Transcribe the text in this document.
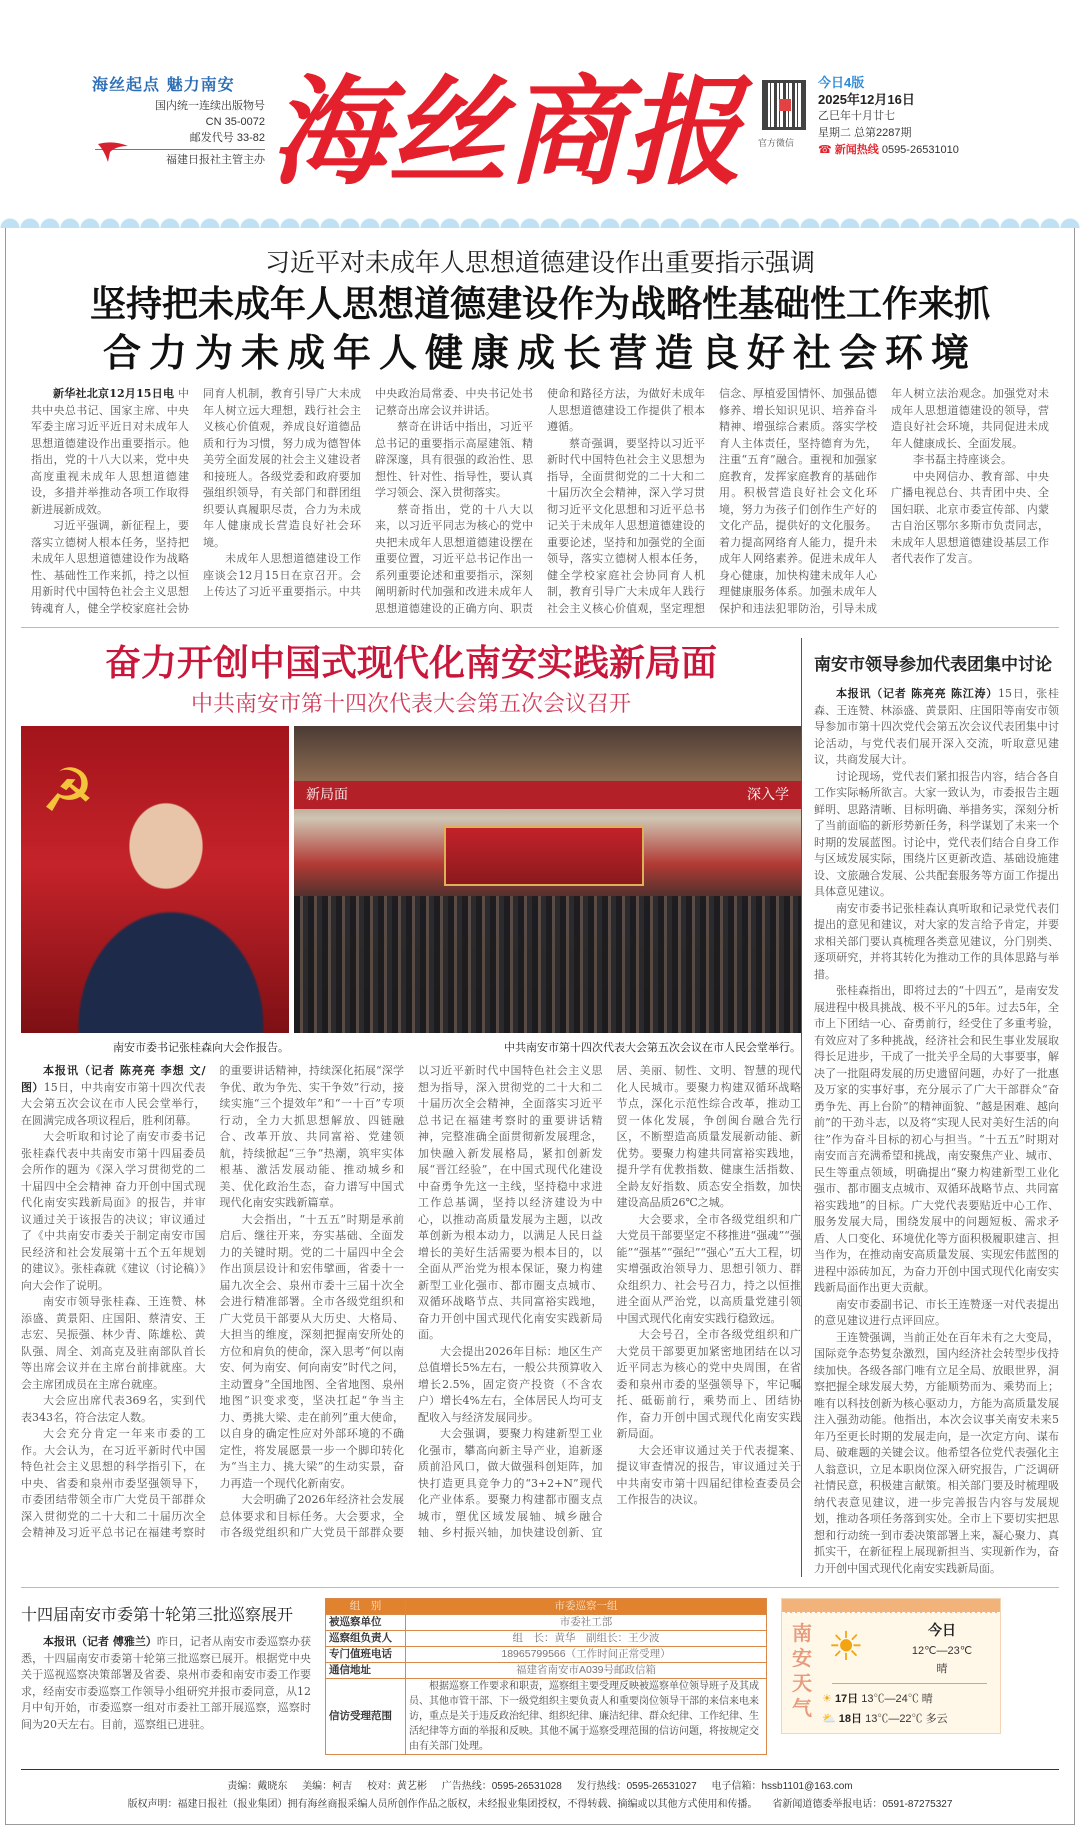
海丝起点 魅力南安
国内统一连续出版物号
CN 35-0072
邮发代号 33-82
福建日报社主管主办 海丝商报 官方微信
今日4版
2025年12月16日
乙巳年十月廿七
星期二 总第2287期
☎ 新闻热线 0595-26531010
习近平对未成年人思想道德建设作出重要指示强调
坚持把未成年人思想道德建设作为战略性基础性工作来抓
合力为未成年人健康成长营造良好社会环境

新华社北京12月15日电 中共中央总书记、国家主席、中央军委主席习近平近日对未成年人思想道德建设作出重要指示。他指出，党的十八大以来，党中央高度重视未成年人思想道德建设，多措并举推动各项工作取得新进展新成效。

习近平强调，新征程上，要落实立德树人根本任务，坚持把未成年人思想道德建设作为战略性、基础性工作来抓，持之以恒用新时代中国特色社会主义思想铸魂育人，健全学校家庭社会协同育人机制，教育引导广大未成年人树立远大理想，践行社会主义核心价值观，养成良好道德品质和行为习惯，努力成为德智体美劳全面发展的社会主义建设者和接班人。各级党委和政府要加强组织领导，有关部门和群团组织要认真履职尽责，合力为未成年人健康成长营造良好社会环境。

未成年人思想道德建设工作座谈会12月15日在京召开。会上传达了习近平重要指示。中共中央政治局常委、中央书记处书记蔡奇出席会议并讲话。

蔡奇在讲话中指出，习近平总书记的重要指示高屋建瓴、精辟深邃，具有很强的政治性、思想性、针对性、指导性，要认真学习领会、深入贯彻落实。

蔡奇指出，党的十八大以来，以习近平同志为核心的党中央把未成年人思想道德建设摆在重要位置，习近平总书记作出一系列重要论述和重要指示，深刻阐明新时代加强和改进未成年人思想道德建设的正确方向、职责使命和路径方法，为做好未成年人思想道德建设工作提供了根本遵循。

蔡奇强调，要坚持以习近平新时代中国特色社会主义思想为指导，全面贯彻党的二十大和二十届历次全会精神，深入学习贯彻习近平文化思想和习近平总书记关于未成年人思想道德建设的重要论述，坚持和加强党的全面领导，落实立德树人根本任务，健全学校家庭社会协同育人机制，教育引导广大未成年人践行社会主义核心价值观，坚定理想信念、厚植爱国情怀、加强品德修养、增长知识见识、培养奋斗精神、增强综合素质。落实学校育人主体责任，坚持德育为先，注重“五育”融合。重视和加强家庭教育，发挥家庭教育的基础作用。积极营造良好社会文化环境，努力为孩子们创作生产好的文化产品，提供好的文化服务。着力提高网络育人能力，提升未成年人网络素养。促进未成年人身心健康，加快构建未成年人心理健康服务体系。加强未成年人保护和违法犯罪防治，引导未成年人树立法治观念。加强党对未成年人思想道德建设的领导，营造良好社会环境，共同促进未成年人健康成长、全面发展。

李书磊主持座谈会。

中央网信办、教育部、中央广播电视总台、共青团中央、全国妇联、北京市委宣传部、内蒙古自治区鄂尔多斯市负责同志，未成年人思想道德建设基层工作者代表作了发言。

奋力开创中国式现代化南安实践新局面
中共南安市第十四次代表大会第五次会议召开
☭	新局面	深入学
南安市委书记张桂森向大会作报告。	中共南安市第十四次代表大会第五次会议在市人民会堂举行。

本报讯（记者 陈亮亮 李想 文/图）15日，中共南安市第十四次代表大会第五次会议在市人民会堂举行，在圆满完成各项议程后，胜利闭幕。

大会听取和讨论了南安市委书记张桂森代表中共南安市第十四届委员会所作的题为《深入学习贯彻党的二十届四中全会精神 奋力开创中国式现代化南安实践新局面》的报告，并审议通过关于该报告的决议；审议通过了《中共南安市委关于制定南安市国民经济和社会发展第十五个五年规划的建议》。张桂森就《建议（讨论稿）》向大会作了说明。

南安市领导张桂森、王连赞、林添盛、黄景阳、庄国阳、蔡清安、王志宏、吴振强、林少青、陈雄松、黄队强、周全、刘高克及驻南部队首长等出席会议并在主席台前排就座。大会主席团成员在主席台就座。

大会应出席代表369名，实到代表343名，符合法定人数。

大会充分肯定一年来市委的工作。大会认为，在习近平新时代中国特色社会主义思想的科学指引下，在中央、省委和泉州市委坚强领导下，市委团结带领全市广大党员干部群众深入贯彻党的二十大和二十届历次全会精神及习近平总书记在福建考察时的重要讲话精神，持续深化拓展“深学争优、敢为争先、实干争效”行动，接续实施“三个提效年”和“一十百”专项行动，全力大抓思想解放、四链融合、改革开放、共同富裕、党建领航，持续掀起“三争”热潮，筑牢实体根基、激活发展动能、推动城乡和美、优化政治生态，奋力谱写中国式现代化南安实践新篇章。

大会指出，“十五五”时期是承前启后、继往开来，夯实基础、全面发力的关键时期。党的二十届四中全会作出顶层设计和宏伟擘画，省委十一届九次全会、泉州市委十三届十次全会进行精准部署。全市各级党组织和广大党员干部要从大历史、大格局、大担当的维度，深刻把握南安所处的方位和肩负的使命，深入思考“何以南安、何为南安、何向南安”时代之问，主动置身“全国地图、全省地图、泉州地图”识变求变，坚决扛起“争当主力、勇挑大梁、走在前列”重大使命，以自身的确定性应对外部环境的不确定性，将发展愿景一步一个脚印转化为“当主力、挑大梁”的生动实景，奋力再造一个现代化新南安。

大会明确了2026年经济社会发展总体要求和目标任务。大会要求，全市各级党组织和广大党员干部群众要以习近平新时代中国特色社会主义思想为指导，深入贯彻党的二十大和二十届历次全会精神，全面落实习近平总书记在福建考察时的重要讲话精神，完整准确全面贯彻新发展理念，加快融入新发展格局，紧扣创新发展“晋江经验”，在中国式现代化建设中奋勇争先这一主线，坚持稳中求进工作总基调，坚持以经济建设为中心，以推动高质量发展为主题，以改革创新为根本动力，以满足人民日益增长的美好生活需要为根本目的，以全面从严治党为根本保证，聚力构建新型工业化强市、都市圈支点城市、双循环战略节点、共同富裕实践地，奋力开创中国式现代化南安实践新局面。

大会提出2026年目标：地区生产总值增长5%左右，一般公共预算收入增长2.5%，固定资产投资（不含农户）增长4%左右，全体居民人均可支配收入与经济发展同步。

大会强调，要聚力构建新型工业化强市，攀高向新主导产业，追新逐质前沿风口，做大做强科创矩阵，加快打造更具竞争力的“3+2+N”现代化产业体系。要聚力构建都市圈支点城市，塑优区域发展轴、城乡融合轴、乡村振兴轴，加快建设创新、宜居、美丽、韧性、文明、智慧的现代化人民城市。要聚力构建双循环战略节点，深化示范性综合改革，推动工贸一体化发展，争创闽台融合先行区，不断塑造高质量发展新动能、新优势。要聚力构建共同富裕实践地，提升学有优教指数、健康生活指数、全龄友好指数、质态安全指数，加快建设高品质26℃之城。

大会要求，全市各级党组织和广大党员干部要坚定不移推进“强魂”“强能”“强基”“强纪”“强心”五大工程，切实增强政治领导力、思想引领力、群众组织力、社会号召力，持之以恒推进全面从严治党，以高质量党建引领中国式现代化南安实践行稳致远。

大会号召，全市各级党组织和广大党员干部要更加紧密地团结在以习近平同志为核心的党中央周围，在省委和泉州市委的坚强领导下，牢记嘱托、砥砺前行，乘势而上、团结协作，奋力开创中国式现代化南安实践新局面。

大会还审议通过关于代表提案、提议审查情况的报告，审议通过关于中共南安市第十四届纪律检查委员会工作报告的决议。

南安市领导参加代表团集中讨论

本报讯（记者 陈亮亮 陈江涛）15日，张桂森、王连赞、林添盛、黄景阳、庄国阳等南安市领导参加市第十四次党代会第五次会议代表团集中讨论活动，与党代表们展开深入交流，听取意见建议，共商发展大计。

讨论现场，党代表们紧扣报告内容，结合各自工作实际畅所欲言。大家一致认为，市委报告主题鲜明、思路清晰、目标明确、举措务实，深刻分析了当前面临的新形势新任务，科学谋划了未来一个时期的发展蓝图。讨论中，党代表们结合自身工作与区域发展实际，围绕片区更新改造、基础设施建设、文旅融合发展、公共配套服务等方面工作提出具体意见建议。

南安市委书记张桂森认真听取和记录党代表们提出的意见和建议，对大家的发言给予肯定，并要求相关部门要认真梳理各类意见建议，分门别类、逐项研究，并将其转化为推动工作的具体思路与举措。

张桂森指出，即将过去的“十四五”，是南安发展进程中极具挑战、极不平凡的5年。过去5年，全市上下团结一心、奋勇前行，经受住了多重考验，有效应对了多种挑战，经济社会和民生事业发展取得长足进步，干成了一批关乎全局的大事要事，解决了一批阻碍发展的历史遗留问题，办好了一批惠及万家的实事好事，充分展示了广大干部群众“奋勇争先、再上台阶”的精神面貌、“越是困难、越向前”的干劲斗志，以及将“实现人民对美好生活的向往”作为奋斗目标的初心与担当。“十五五”时期对南安而言充满希望和挑战，南安聚焦产业、城市、民生等重点领域，明确提出“聚力构建新型工业化强市、都市圈支点城市、双循环战略节点、共同富裕实践地”的目标。广大党代表要贴近中心工作、服务发展大局，围绕发展中的问题短板、需求矛盾、人口变化、环境优化等方面积极履职建言、担当作为，在推动南安高质量发展、实现宏伟蓝图的进程中添砖加瓦，为奋力开创中国式现代化南安实践新局面作出更大贡献。

南安市委副书记、市长王连赞逐一对代表提出的意见建议进行点评回应。

王连赞强调，当前正处在百年未有之大变局，国际竞争态势复杂激烈，国内经济社会转型步伐持续加快。各级各部门唯有立足全局、放眼世界，洞察把握全球发展大势，方能顺势而为、乘势而上；唯有以科技创新为核心驱动力，方能为高质量发展注入强劲动能。他指出，本次会议事关南安未来5年乃至更长时期的发展走向，是一次定方向、谋布局、破难题的关键会议。他希望各位党代表强化主人翁意识，立足本职岗位深入研究报告，广泛调研社情民意，积极建言献策。相关部门要及时梳理吸纳代表意见建议，进一步完善报告内容与发展规划，推动各项任务落到实处。全市上下要切实把思想和行动统一到市委决策部署上来，凝心聚力、真抓实干，在新征程上展现新担当、实现新作为，奋力开创中国式现代化南安实践新局面。

十四届南安市委第十轮第三批巡察展开

本报讯（记者 傅雅兰）昨日，记者从南安市委巡察办获悉，十四届南安市委第十轮第三批巡察已展开。根据党中央关于巡视巡察决策部署及省委、泉州市委和南安市委工作要求，经南安市委巡察工作领导小组研究并报市委同意，从12月中旬开始，市委巡察一组对市委社工部开展巡察，巡察时间为20天左右。目前，巡察组已进驻。

组　别	市委巡察一组
被巡察单位	市委社工部
巡察组负责人	组　长：黄华　副组长：王少波
专门值班电话	18965799566（工作时间正常受理）
通信地址	福建省南安市A039号邮政信箱
信访受理范围	根据巡察工作要求和职责，巡察组主要受理反映被巡察单位领导班子及其成员、其他市管干部、下一级党组织主要负责人和重要岗位领导干部的来信来电来访，重点是关于违反政治纪律、组织纪律、廉洁纪律、群众纪律、工作纪律、生活纪律等方面的举报和反映。其他不属于巡察受理范围的信访问题，将按规定交由有关部门处理。
南安天气
☀	今日
12℃—23℃
晴
☀ 17日 13℃—24℃ 晴
⛅ 18日 13℃—22℃ 多云
责编：戴晓东 美编：柯吉 校对：黄艺彬 广告热线：0595-26531028 发行热线：0595-26531027 电子信箱：hssb1101@163.com
版权声明：福建日报社（报业集团）拥有海丝商报采编人员所创作作品之版权，未经报业集团授权，不得转载、摘编或以其他方式使用和传播。 省新闻道德委举报电话：0591-87275327
